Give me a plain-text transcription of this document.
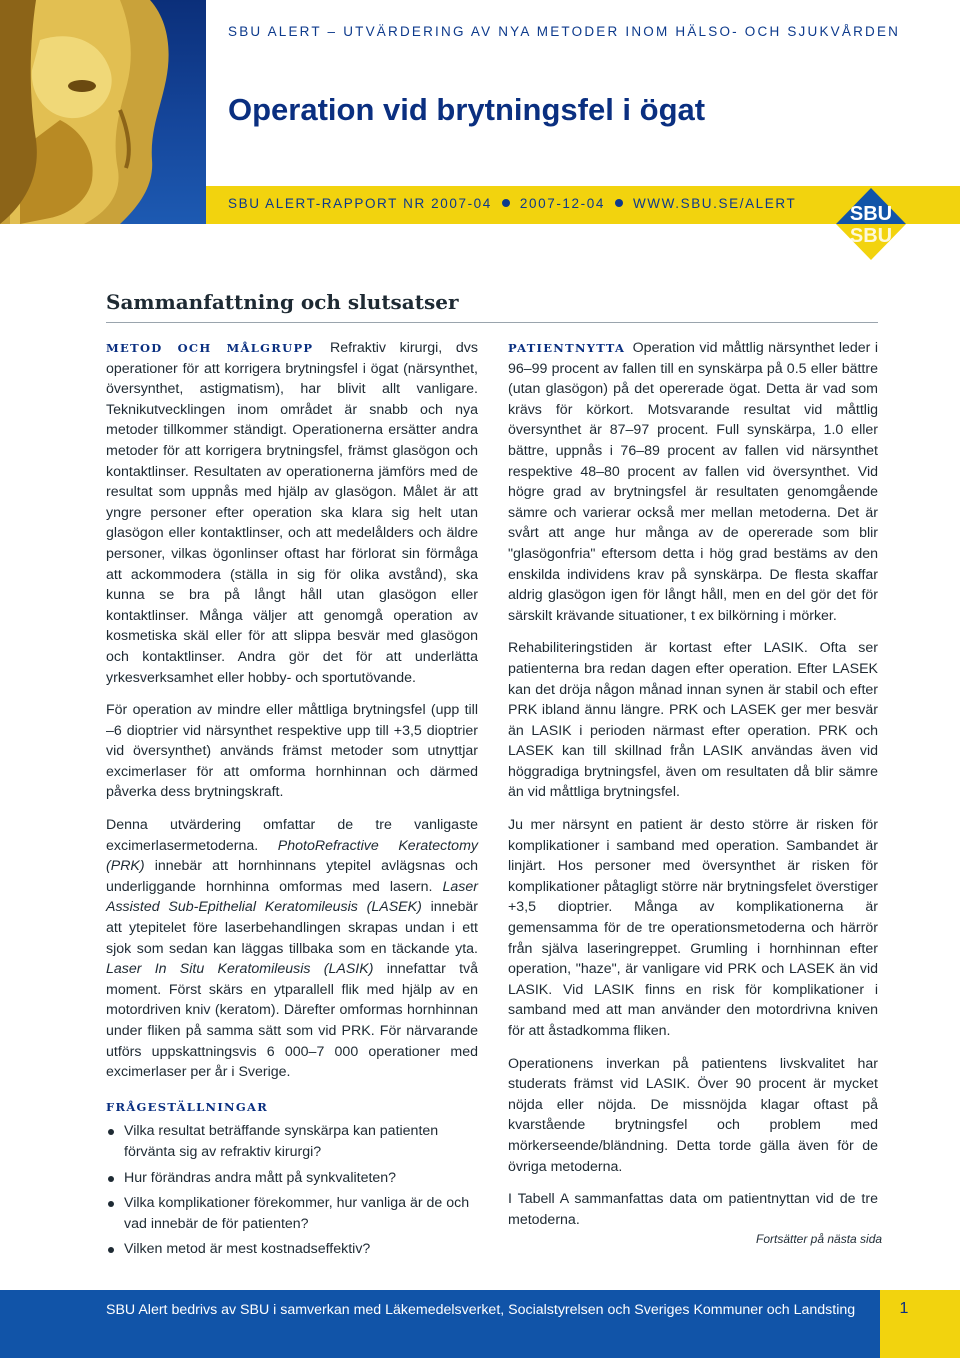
SBU ALERT – UTVÄRDERING AV NYA METODER INOM HÄLSO- OCH SJUKVÅRDEN
Operation vid brytningsfel i ögat
SBU ALERT-RAPPORT NR 2007-04 2007-12-04 WWW.SBU.SE/ALERT	SBU
SBU
Sammanfattning och slutsatser

METOD OCH MÅLGRUPP Refraktiv kirurgi, dvs operationer för att korrigera brytningsfel i ögat (närsynthet, översynthet, astigmatism), har blivit allt vanligare. Teknikutvecklingen inom området är snabb och nya metoder tillkommer ständigt. Operationerna ersätter andra metoder för att korrigera brytningsfel, främst glasögon och kontaktlinser. Resultaten av operationerna jämförs med de resultat som uppnås med hjälp av glasögon. Målet är att yngre personer efter operation ska klara sig helt utan glasögon eller kontaktlinser, och att medelålders och äldre personer, vilkas ögonlinser oftast har förlorat sin förmåga att ackommodera (ställa in sig för olika avstånd), ska kunna se bra på långt håll utan glasögon eller kontaktlinser. Många väljer att genomgå operation av kosmetiska skäl eller för att slippa besvär med glasögon och kontaktlinser. Andra gör det för att underlätta yrkesverksamhet eller hobby- och sportutövande.

För operation av mindre eller måttliga brytningsfel (upp till –6 dioptrier vid närsynthet respektive upp till +3,5 dioptrier vid översynthet) används främst metoder som utnyttjar excimerlaser för att omforma hornhinnan och därmed påverka dess brytningskraft.

Denna utvärdering omfattar de tre vanligaste excimerlasermetoderna. PhotoRefractive Keratectomy (PRK) innebär att hornhinnans ytepitel avlägsnas och underliggande hornhinna omformas med lasern. Laser Assisted Sub-Epithelial Keratomileusis (LASEK) innebär att ytepitelet före laserbehandlingen skrapas undan i ett sjok som sedan kan läggas tillbaka som en täckande yta. Laser In Situ Keratomileusis (LASIK) innefattar två moment. Först skärs en ytparallell flik med hjälp av en motordriven kniv (keratom). Därefter omformas hornhinnan under fliken på samma sätt som vid PRK. För närvarande utförs uppskattningsvis 6 000–7 000 operationer med excimerlaser per år i Sverige.

FRÅGESTÄLLNINGAR
Vilka resultat beträffande synskärpa kan patienten förvänta sig av refraktiv kirurgi?
Hur förändras andra mått på synkvaliteten?
Vilka komplikationer förekommer, hur vanliga är de och vad innebär de för patienten?
Vilken metod är mest kostnadseffektiv?

PATIENTNYTTA Operation vid måttlig närsynthet leder i 96–99 procent av fallen till en synskärpa på 0.5 eller bättre (utan glasögon) på det opererade ögat. Detta är vad som krävs för körkort. Motsvarande resultat vid måttlig översynthet är 87–97 procent. Full synskärpa, 1.0 eller bättre, uppnås i 76–89 procent av fallen vid närsynthet respektive 48–80 procent av fallen vid översynthet. Vid högre grad av brytningsfel är resultaten genomgående sämre och varierar också mer mellan metoderna. Det är svårt att ange hur många av de opererade som blir "glasögonfria" eftersom detta i hög grad bestäms av den enskilda individens krav på synskärpa. De flesta skaffar aldrig glasögon igen för långt håll, men en del gör det för särskilt krävande situationer, t ex bilkörning i mörker.

Rehabiliteringstiden är kortast efter LASIK. Ofta ser patienterna bra redan dagen efter operation. Efter LASEK kan det dröja någon månad innan synen är stabil och efter PRK ibland ännu längre. PRK och LASEK ger mer besvär än LASIK i perioden närmast efter operation. PRK och LASEK kan till skillnad från LASIK användas även vid höggradiga brytningsfel, även om resultaten då blir sämre än vid måttliga brytningsfel.

Ju mer närsynt en patient är desto större är risken för komplikationer i samband med operation. Sambandet är linjärt. Hos personer med översynthet är risken för komplikationer påtagligt större när brytningsfelet överstiger +3,5 dioptrier. Många av komplikationerna är gemensamma för de tre operationsmetoderna och härrör från själva laseringreppet. Grumling i hornhinnan efter operation, "haze", är vanligare vid PRK och LASEK än vid LASIK. Vid LASIK finns en risk för komplikationer i samband med att man använder den motordrivna kniven för att åstadkomma fliken.

Operationens inverkan på patientens livskvalitet har studerats främst vid LASIK. Över 90 procent är mycket nöjda eller nöjda. De missnöjda klagar oftast på kvarstående brytningsfel och problem med mörkerseende/bländning. Detta torde gälla även för de övriga metoderna.

I Tabell A sammanfattas data om patientnyttan vid de tre metoderna.

Fortsätter på nästa sida
SBU Alert bedrivs av SBU i samverkan med Läkemedelsverket, Socialstyrelsen och Sveriges Kommuner och Landsting	1
